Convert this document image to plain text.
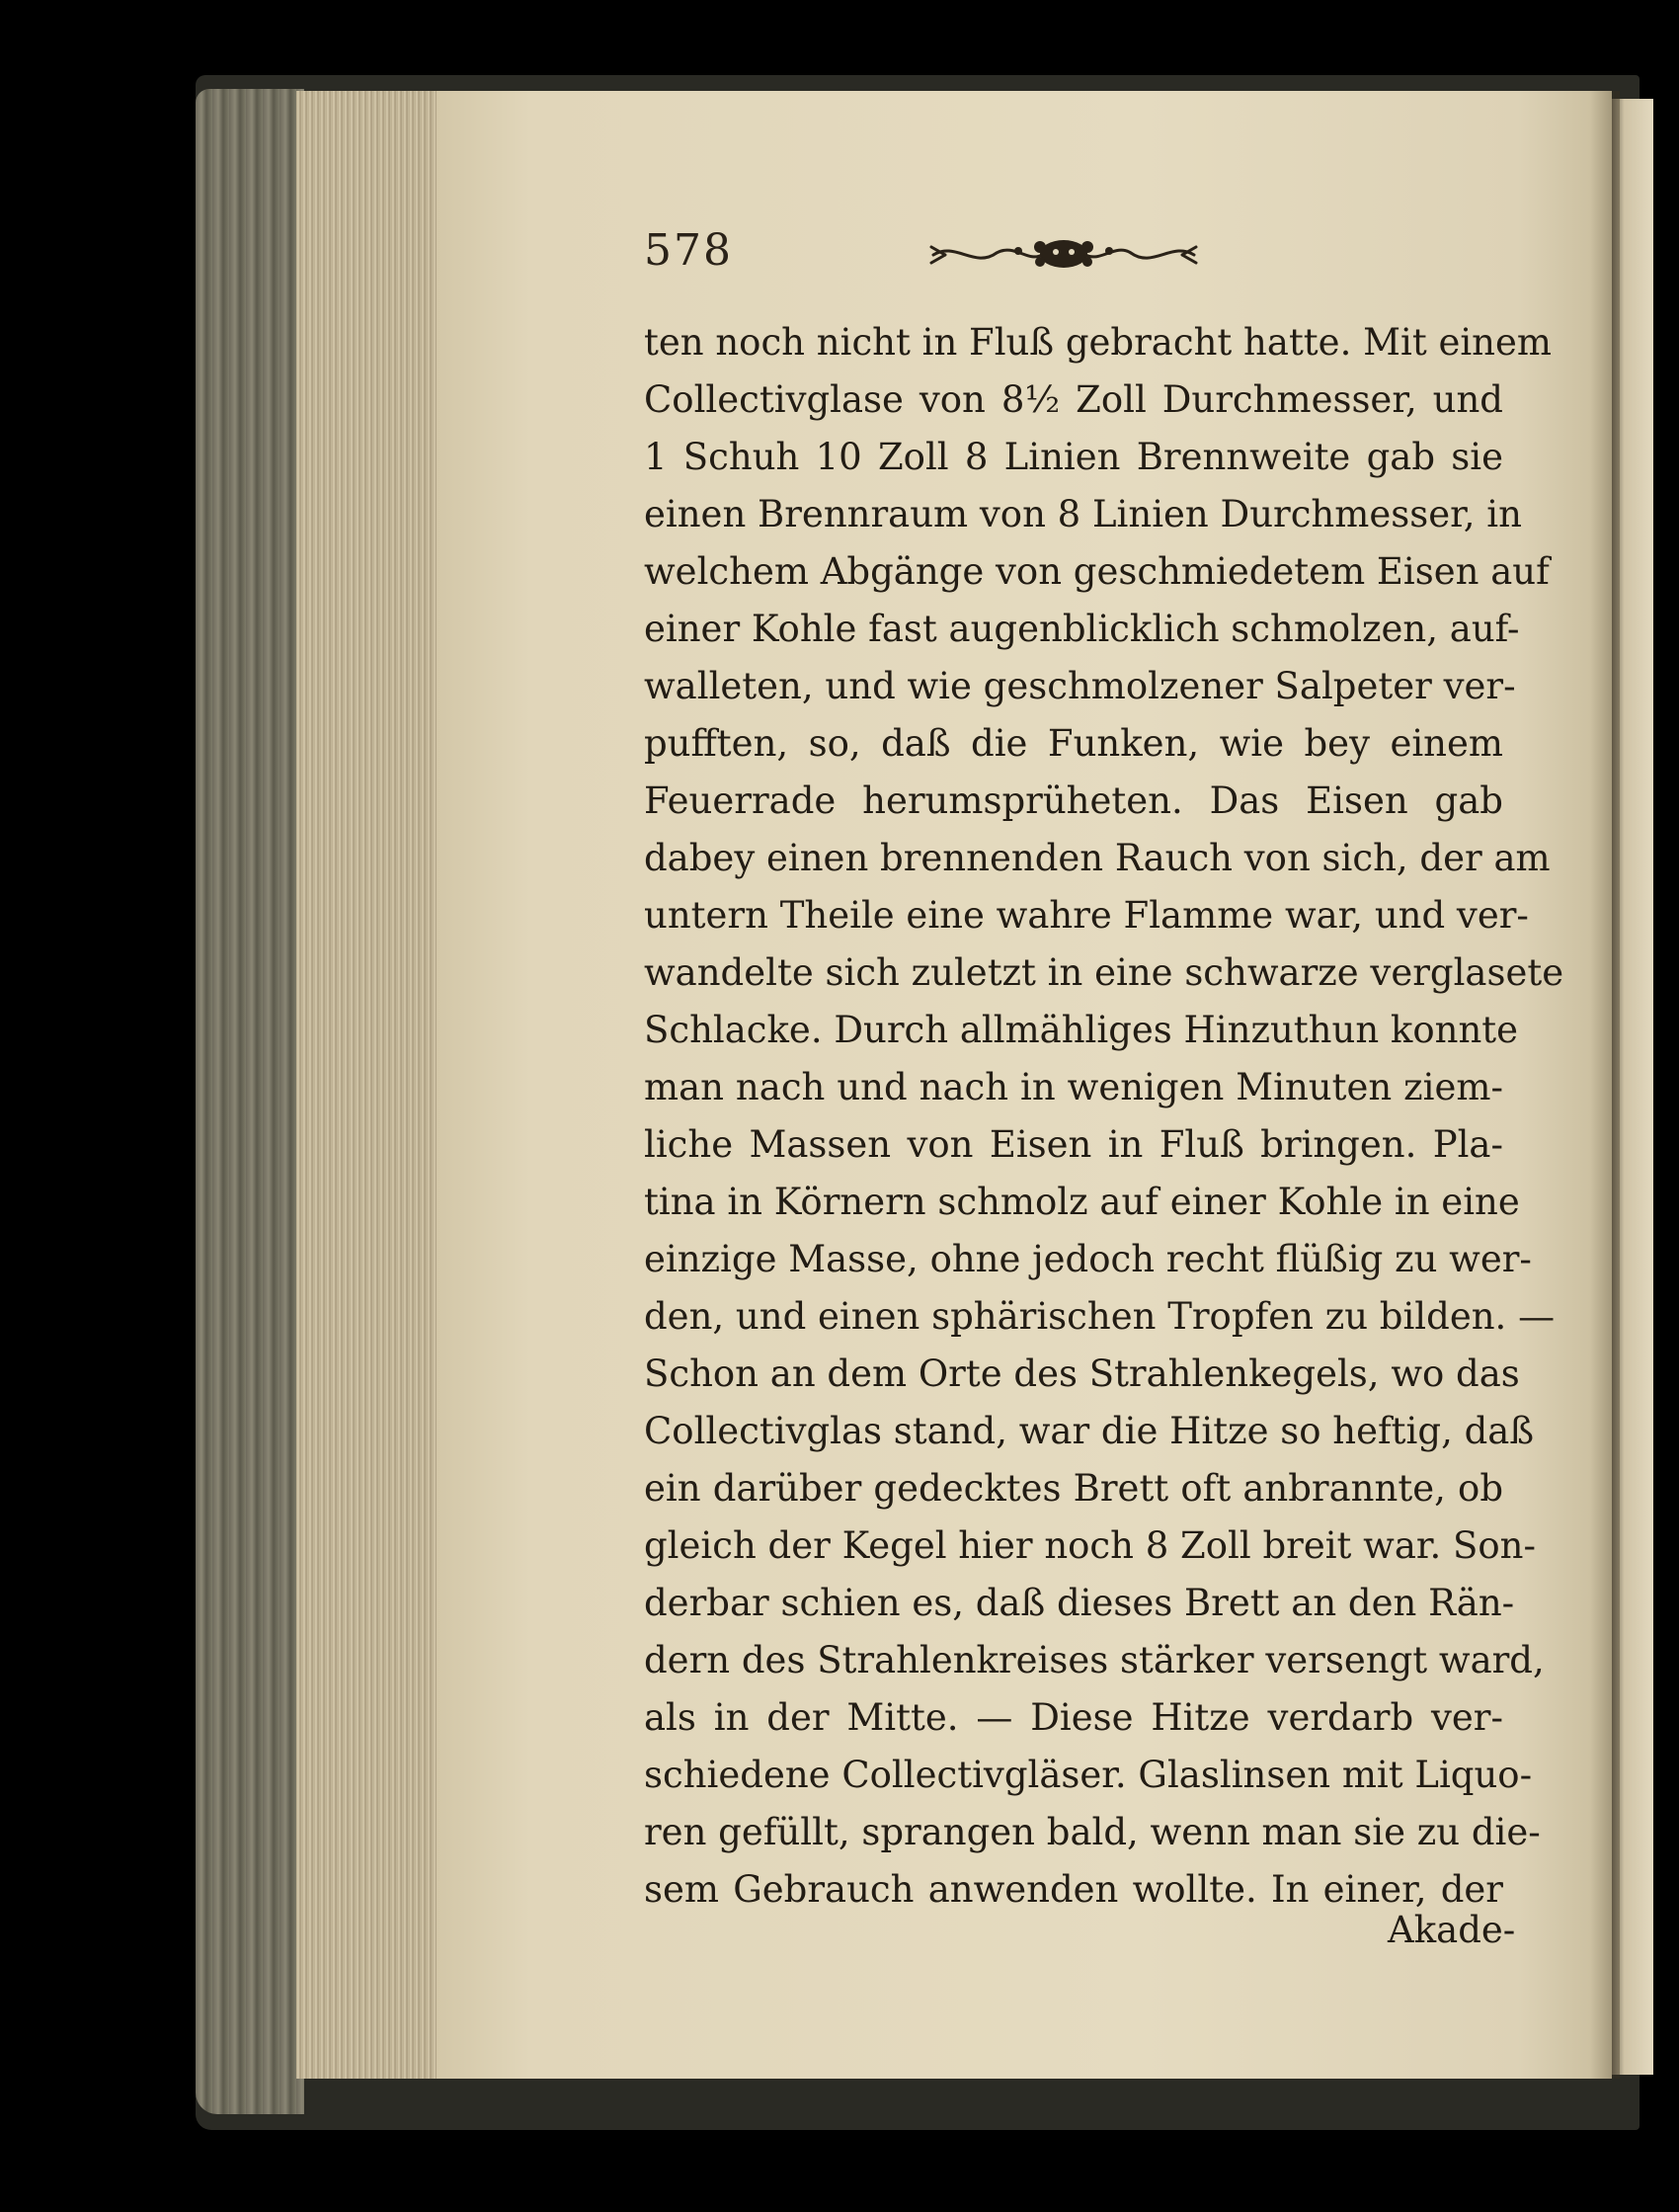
578
ten noch nicht in Fluß gebracht hatte. Mit einem
Collectivglase von 8½ Zoll Durchmesser, und
1 Schuh 10 Zoll 8 Linien Brennweite gab sie
einen Brennraum von 8 Linien Durchmesser, in
welchem Abgänge von geschmiedetem Eisen auf
einer Kohle fast augenblicklich schmolzen, auf-
walleten, und wie geschmolzener Salpeter ver-
pufften, so, daß die Funken, wie bey einem
Feuerrade herumsprüheten. Das Eisen gab
dabey einen brennenden Rauch von sich, der am
untern Theile eine wahre Flamme war, und ver-
wandelte sich zuletzt in eine schwarze verglasete
Schlacke. Durch allmähliges Hinzuthun konnte
man nach und nach in wenigen Minuten ziem-
liche Massen von Eisen in Fluß bringen. Pla-
tina in Körnern schmolz auf einer Kohle in eine
einzige Masse, ohne jedoch recht flüßig zu wer-
den, und einen sphärischen Tropfen zu bilden. —
Schon an dem Orte des Strahlenkegels, wo das
Collectivglas stand, war die Hitze so heftig, daß
ein darüber gedecktes Brett oft anbrannte, ob
gleich der Kegel hier noch 8 Zoll breit war. Son-
derbar schien es, daß dieses Brett an den Rän-
dern des Strahlenkreises stärker versengt ward,
als in der Mitte. — Diese Hitze verdarb ver-
schiedene Collectivgläser. Glaslinsen mit Liquo-
ren gefüllt, sprangen bald, wenn man sie zu die-
sem Gebrauch anwenden wollte. In einer, der
Akade-
